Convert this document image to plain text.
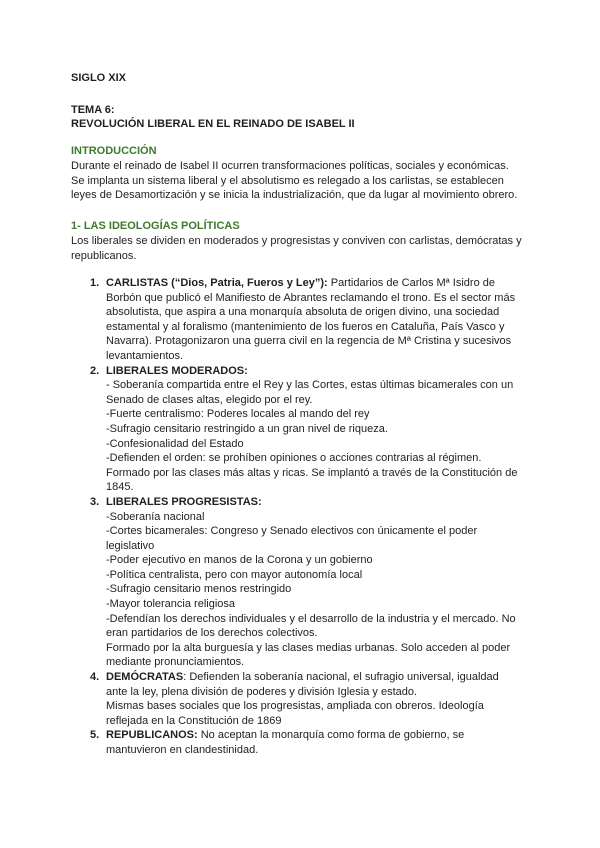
SIGLO XIX
TEMA 6:
REVOLUCIÓN LIBERAL EN EL REINADO DE ISABEL II
INTRODUCCIÓN
Durante el reinado de Isabel II ocurren transformaciones políticas, sociales y económicas.
Se implanta un sistema liberal y el absolutismo es relegado a los carlistas, se establecen
leyes de Desamortización y se inicia la industrialización, que da lugar al movimiento obrero.
1- LAS IDEOLOGÍAS POLÍTICAS
Los liberales se dividen en moderados y progresistas y conviven con carlistas, demócratas y
republicanos.
1. CARLISTAS (“Dios, Patria, Fueros y Ley”): Partidarios de Carlos Mª Isidro de
Borbón que publicó el Manifiesto de Abrantes reclamando el trono. Es el sector más
absolutista, que aspira a una monarquía absoluta de origen divino, una sociedad
estamental y al foralismo (mantenimiento de los fueros en Cataluña, País Vasco y
Navarra). Protagonizaron una guerra civil en la regencia de Mª Cristina y sucesivos
levantamientos.
2. LIBERALES MODERADOS:
- Soberanía compartida entre el Rey y las Cortes, estas últimas bicamerales con un
Senado de clases altas, elegido por el rey.
-Fuerte centralismo: Poderes locales al mando del rey
-Sufragio censitario restringido a un gran nivel de riqueza.
-Confesionalidad del Estado
-Defienden el orden: se prohíben opiniones o acciones contrarias al régimen.
Formado por las clases más altas y ricas. Se implantó a través de la Constitución de
1845.
3. LIBERALES PROGRESISTAS:
-Soberanía nacional
-Cortes bicamerales: Congreso y Senado electivos con únicamente el poder
legislativo
-Poder ejecutivo en manos de la Corona y un gobierno
-Política centralista, pero con mayor autonomía local
-Sufragio censitario menos restringido
-Mayor tolerancia religiosa
-Defendían los derechos individuales y el desarrollo de la industria y el mercado. No
eran partidarios de los derechos colectivos.
Formado por la alta burguesía y las clases medias urbanas. Solo acceden al poder
mediante pronunciamientos.
4. DEMÓCRATAS: Defienden la soberanía nacional, el sufragio universal, igualdad
ante la ley, plena división de poderes y división Iglesia y estado.
Mismas bases sociales que los progresistas, ampliada con obreros. Ideología
reflejada en la Constitución de 1869
5. REPUBLICANOS: No aceptan la monarquía como forma de gobierno, se
mantuvieron en clandestinidad.
